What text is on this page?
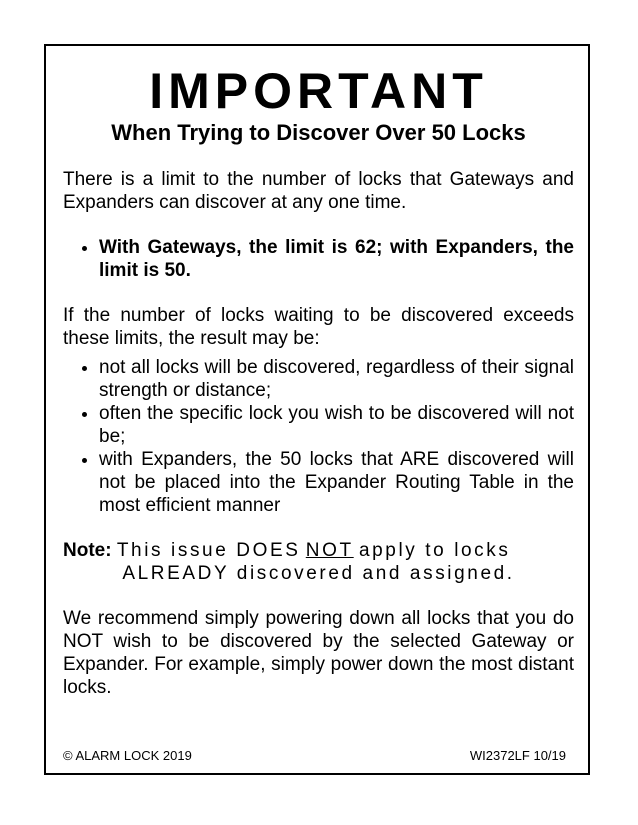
IMPORTANT
When Trying to Discover Over 50 Locks

There is a limit to the number of locks that Gateways and Expanders can discover at any one time.

• With Gateways, the limit is 62; with Expanders, the limit is 50.

If the number of locks waiting to be discovered exceeds these limits, the result may be:

• not all locks will be discovered, regardless of their signal strength or distance;
• often the specific lock you wish to be discovered will not be;
• with Expanders, the 50 locks that ARE discovered will not be placed into the Expander Routing Table in the most efficient manner
Note: This issue DOES NOT apply to locks
ALREADY discovered and assigned.

We recommend simply powering down all locks that you do NOT wish to be discovered by the selected Gateway or Expander. For example, simply power down the most distant locks.

© ALARM LOCK 2019	WI2372LF 10/19
